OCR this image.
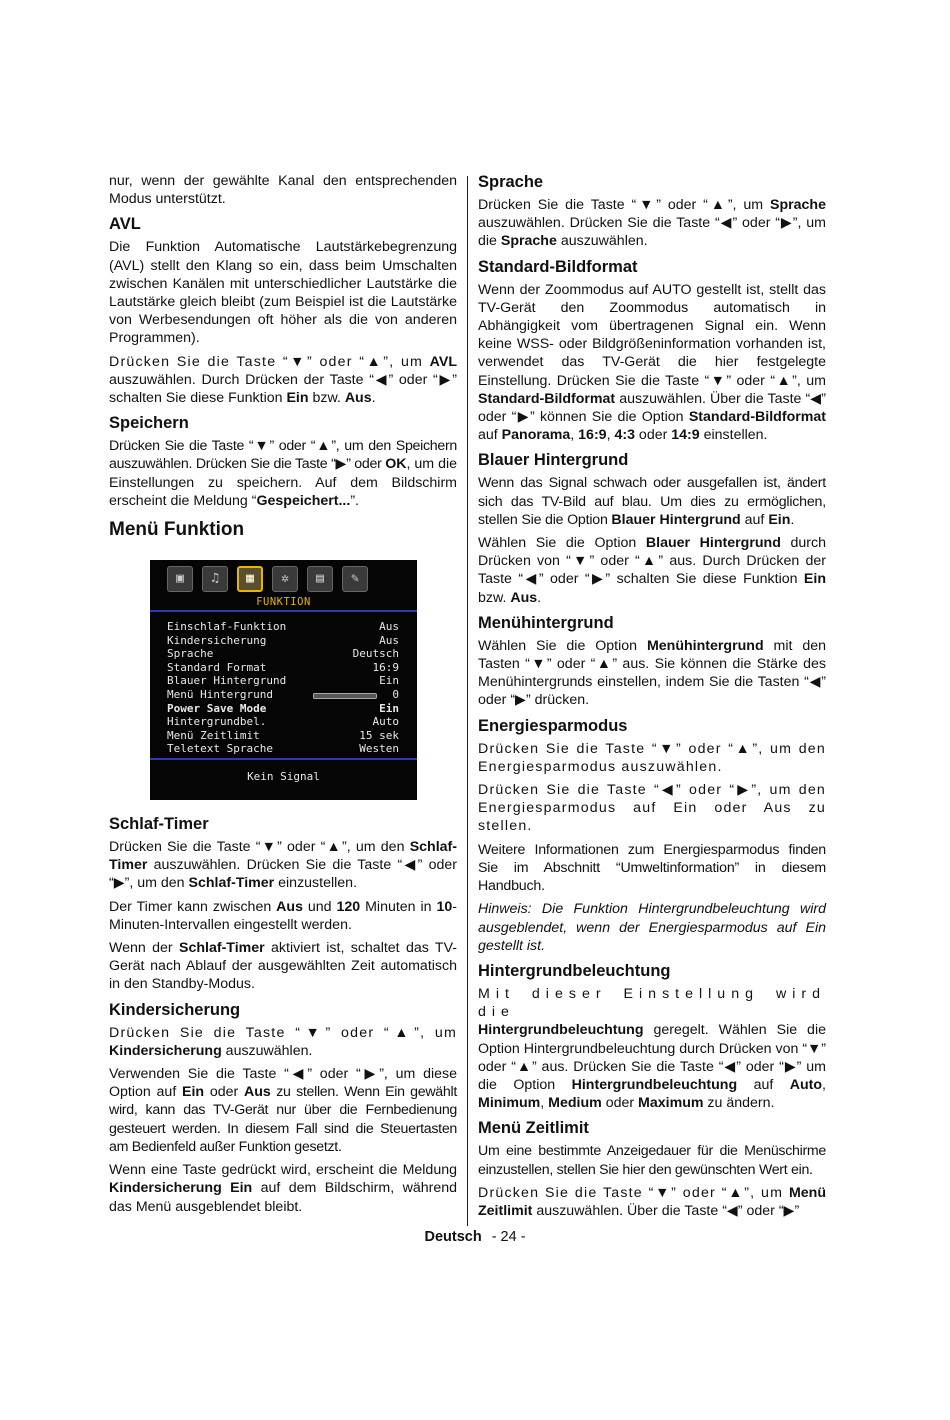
nur, wenn der gewählte Kanal den entsprechenden Modus unterstützt.

AVL

Die Funktion Automatische Lautstärkebegrenzung (AVL) stellt den Klang so ein, dass beim Umschalten zwischen Kanälen mit unterschiedlicher Lautstärke die Lautstärke gleich bleibt (zum Beispiel ist die Lautstärke von Werbesendungen oft höher als die von anderen Programmen).

Drücken Sie die Taste “▼” oder “▲”, um AVL auszuwählen. Durch Drücken der Taste “◀” oder “▶” schalten Sie diese Funktion Ein bzw. Aus.

Speichern

Drücken Sie die Taste “▼” oder “▲”, um den Speichern auszuwählen. Drücken Sie die Taste “▶” oder OK, um die Einstellungen zu speichern. Auf dem Bildschirm erscheint die Meldung “Gespeichert...”.

Menü Funktion
▣	♫	▦	✲	▤	✎
FUNKTION
Einschlaf-Funktion	Aus
Kindersicherung	Aus
Sprache	Deutsch
Standard Format	16:9
Blauer Hintergrund	Ein
Menü Hintergrund	0
Power Save Mode	Ein
Hintergrundbel.	Auto
Menü Zeitlimit	15 sek
Teletext Sprache	Westen
Kein Signal
Schlaf-Timer

Drücken Sie die Taste “▼” oder “▲”, um den Schlaf-Timer auszuwählen. Drücken Sie die Taste “◀” oder “▶”, um den Schlaf-Timer einzustellen.

Der Timer kann zwischen Aus und 120 Minuten in 10-Minuten-Intervallen eingestellt werden.

Wenn der Schlaf-Timer aktiviert ist, schaltet das TV-Gerät nach Ablauf der ausgewählten Zeit automatisch in den Standby-Modus.

Kindersicherung

Drücken Sie die Taste “▼” oder “▲”, um Kindersicherung auszuwählen.

Verwenden Sie die Taste “◀” oder “▶”, um diese Option auf Ein oder Aus zu stellen. Wenn Ein gewählt wird, kann das TV-Gerät nur über die Fernbedienung gesteuert werden. In diesem Fall sind die Steuertasten am Bedienfeld außer Funktion gesetzt.

Wenn eine Taste gedrückt wird, erscheint die Meldung Kindersicherung Ein auf dem Bildschirm, während das Menü ausgeblendet bleibt.

Sprache

Drücken Sie die Taste “▼” oder “▲”, um Sprache auszuwählen. Drücken Sie die Taste “◀” oder “▶”, um die Sprache auszuwählen.

Standard-Bildformat

Wenn der Zoommodus auf AUTO gestellt ist, stellt das TV-Gerät den Zoommodus automatisch in Abhängigkeit vom übertragenen Signal ein. Wenn keine WSS- oder Bildgrößeninformation vorhanden ist, verwendet das TV-Gerät die hier festgelegte Einstellung. Drücken Sie die Taste “▼” oder “▲”, um Standard-Bildformat auszuwählen. Über die Taste “◀” oder “▶” können Sie die Option Standard-Bildformat auf Panorama, 16:9, 4:3 oder 14:9 einstellen.

Blauer Hintergrund

Wenn das Signal schwach oder ausgefallen ist, ändert sich das TV-Bild auf blau. Um dies zu ermöglichen, stellen Sie die Option Blauer Hintergrund auf Ein.

Wählen Sie die Option Blauer Hintergrund durch Drücken von “▼” oder “▲” aus. Durch Drücken der Taste “◀” oder “▶” schalten Sie diese Funktion Ein bzw. Aus.

Menühintergrund

Wählen Sie die Option Menühintergrund mit den Tasten “▼” oder “▲” aus. Sie können die Stärke des Menühintergrunds einstellen, indem Sie die Tasten “◀” oder “▶” drücken.

Energiesparmodus

Drücken Sie die Taste “▼” oder “▲”, um den Energiesparmodus auszuwählen.

Drücken Sie die Taste “◀” oder “▶”, um den Energiesparmodus auf Ein oder Aus zu stellen.

Weitere Informationen zum Energiesparmodus finden Sie im Abschnitt “Umweltinformation” in diesem Handbuch.

Hinweis: Die Funktion Hintergrundbeleuchtung wird ausgeblendet, wenn der Energiesparmodus auf Ein gestellt ist.

Hintergrundbeleuchtung

Mit dieser Einstellung wird die
Hintergrundbeleuchtung geregelt. Wählen Sie die Option Hintergrundbeleuchtung durch Drücken von “▼” oder “▲” aus. Drücken Sie die Taste “◀” oder “▶” um die Option Hintergrundbeleuchtung auf Auto, Minimum, Medium oder Maximum zu ändern.

Menü Zeitlimit

Um eine bestimmte Anzeigedauer für die Menüschirme einzustellen, stellen Sie hier den gewünschten Wert ein.

Drücken Sie die Taste “▼” oder “▲”, um Menü Zeitlimit auszuwählen. Über die Taste “◀” oder “▶”

Deutsch - 24 -
